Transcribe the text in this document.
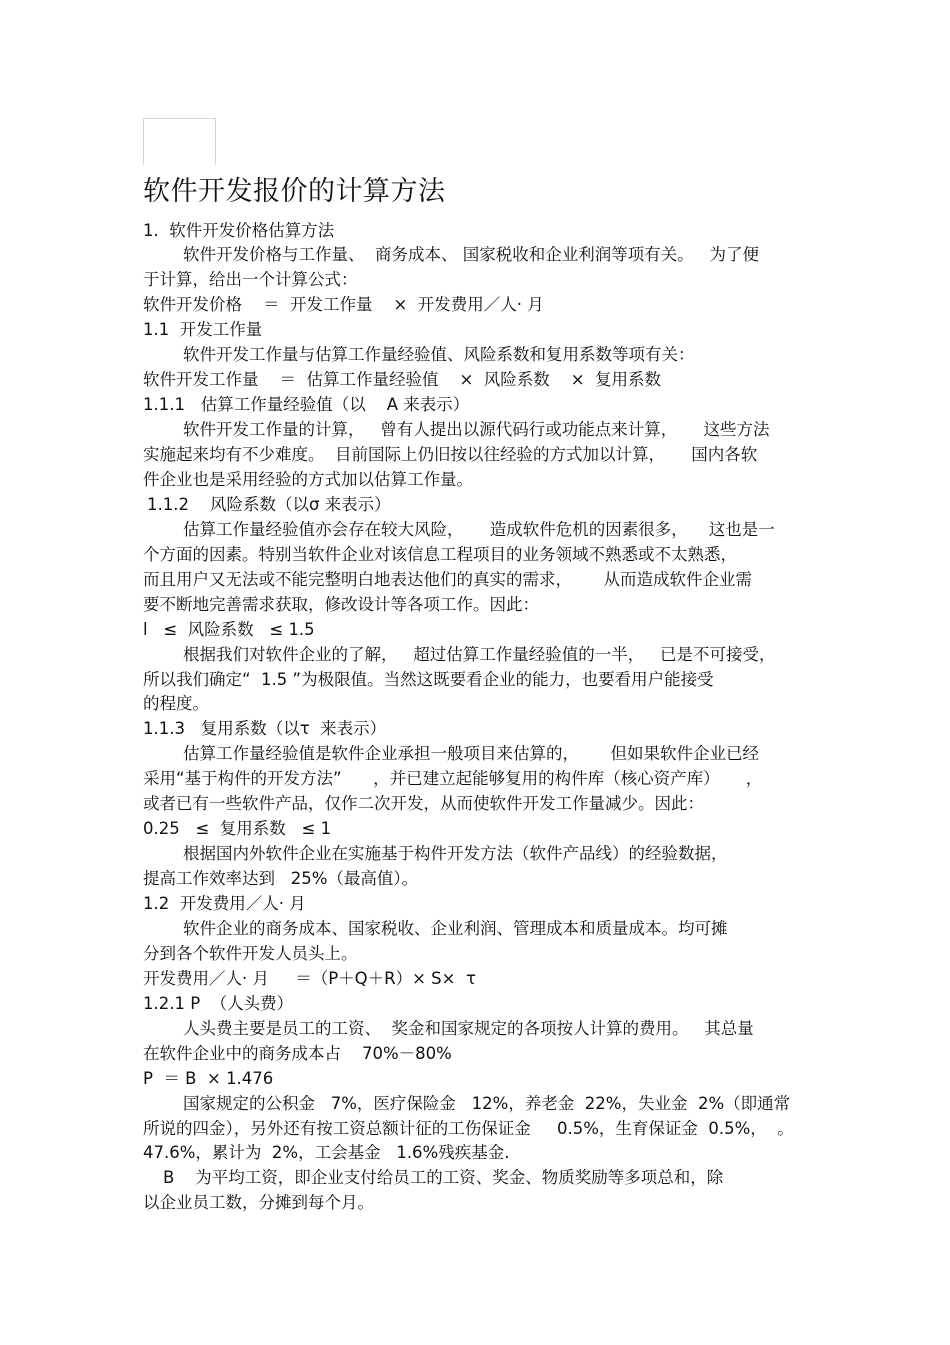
软件开发报价的计算方法
1.  软件开发价格估算方法
软件开发价格与工作量、  商务成本、 国家税收和企业利润等项有关。   为了便
于计算，给出一个计算公式：
软件开发价格    ＝  开发工作量    ×  开发费用／人· 月
1.1  开发工作量
软件开发工作量与估算工作量经验值、风险系数和复用系数等项有关：
软件开发工作量    ＝  估算工作量经验值    ×  风险系数    ×  复用系数
1.1.1   估算工作量经验值（以    A 来表示）
软件开发工作量的计算，   曾有人提出以源代码行或功能点来计算，     这些方法
实施起来均有不少难度。  目前国际上仍旧按以往经验的方式加以计算，     国内各软
件企业也是采用经验的方式加以估算工作量。
1.1.2    风险系数（以σ 来表示）
估算工作量经验值亦会存在较大风险，     造成软件危机的因素很多，    这也是一
个方面的因素。特别当软件企业对该信息工程项目的业务领域不熟悉或不太熟悉，
而且用户又无法或不能完整明白地表达他们的真实的需求，      从而造成软件企业需
要不断地完善需求获取，修改设计等各项工作。因此：
l   ≤  风险系数   ≤ 1.5
根据我们对软件企业的了解，   超过估算工作量经验值的一半，   已是不可接受，
所以我们确定“  1.5 ”为极限值。当然这既要看企业的能力，也要看用户能接受
的程度。
1.1.3   复用系数（以τ  来表示）
估算工作量经验值是软件企业承担一般项目来估算的，      但如果软件企业已经
采用“基于构件的开发方法”      ，并已建立起能够复用的构件库（核心资产库）     ，
或者已有一些软件产品，仅作二次开发，从而使软件开发工作量减少。因此：
0.25   ≤  复用系数   ≤ 1
根据国内外软件企业在实施基于构件开发方法（软件产品线）的经验数据，
提高工作效率达到   25%（最高值）。
1.2  开发费用／人· 月
软件企业的商务成本、国家税收、企业利润、管理成本和质量成本。均可摊
分到各个软件开发人员头上。
开发费用／人· 月     ＝（P＋Q＋R）× S×  τ
1.2.1 P  （人头费）
人头费主要是员工的工资、  奖金和国家规定的各项按人计算的费用。   其总量
在软件企业中的商务成本占    70%－80%
P  ＝ B  × 1.476
国家规定的公积金   7%，医疗保险金   12%，养老金  22%，失业金  2%（即通常
所说的四金），另外还有按工资总额计征的工伤保证金     0.5%，生育保证金  0.5%，  。
47.6%，累计为  2%，工会基金   1.6%残疾基金.
B    为平均工资，即企业支付给员工的工资、奖金、物质奖励等多项总和，除
以企业员工数，分摊到每个月。
